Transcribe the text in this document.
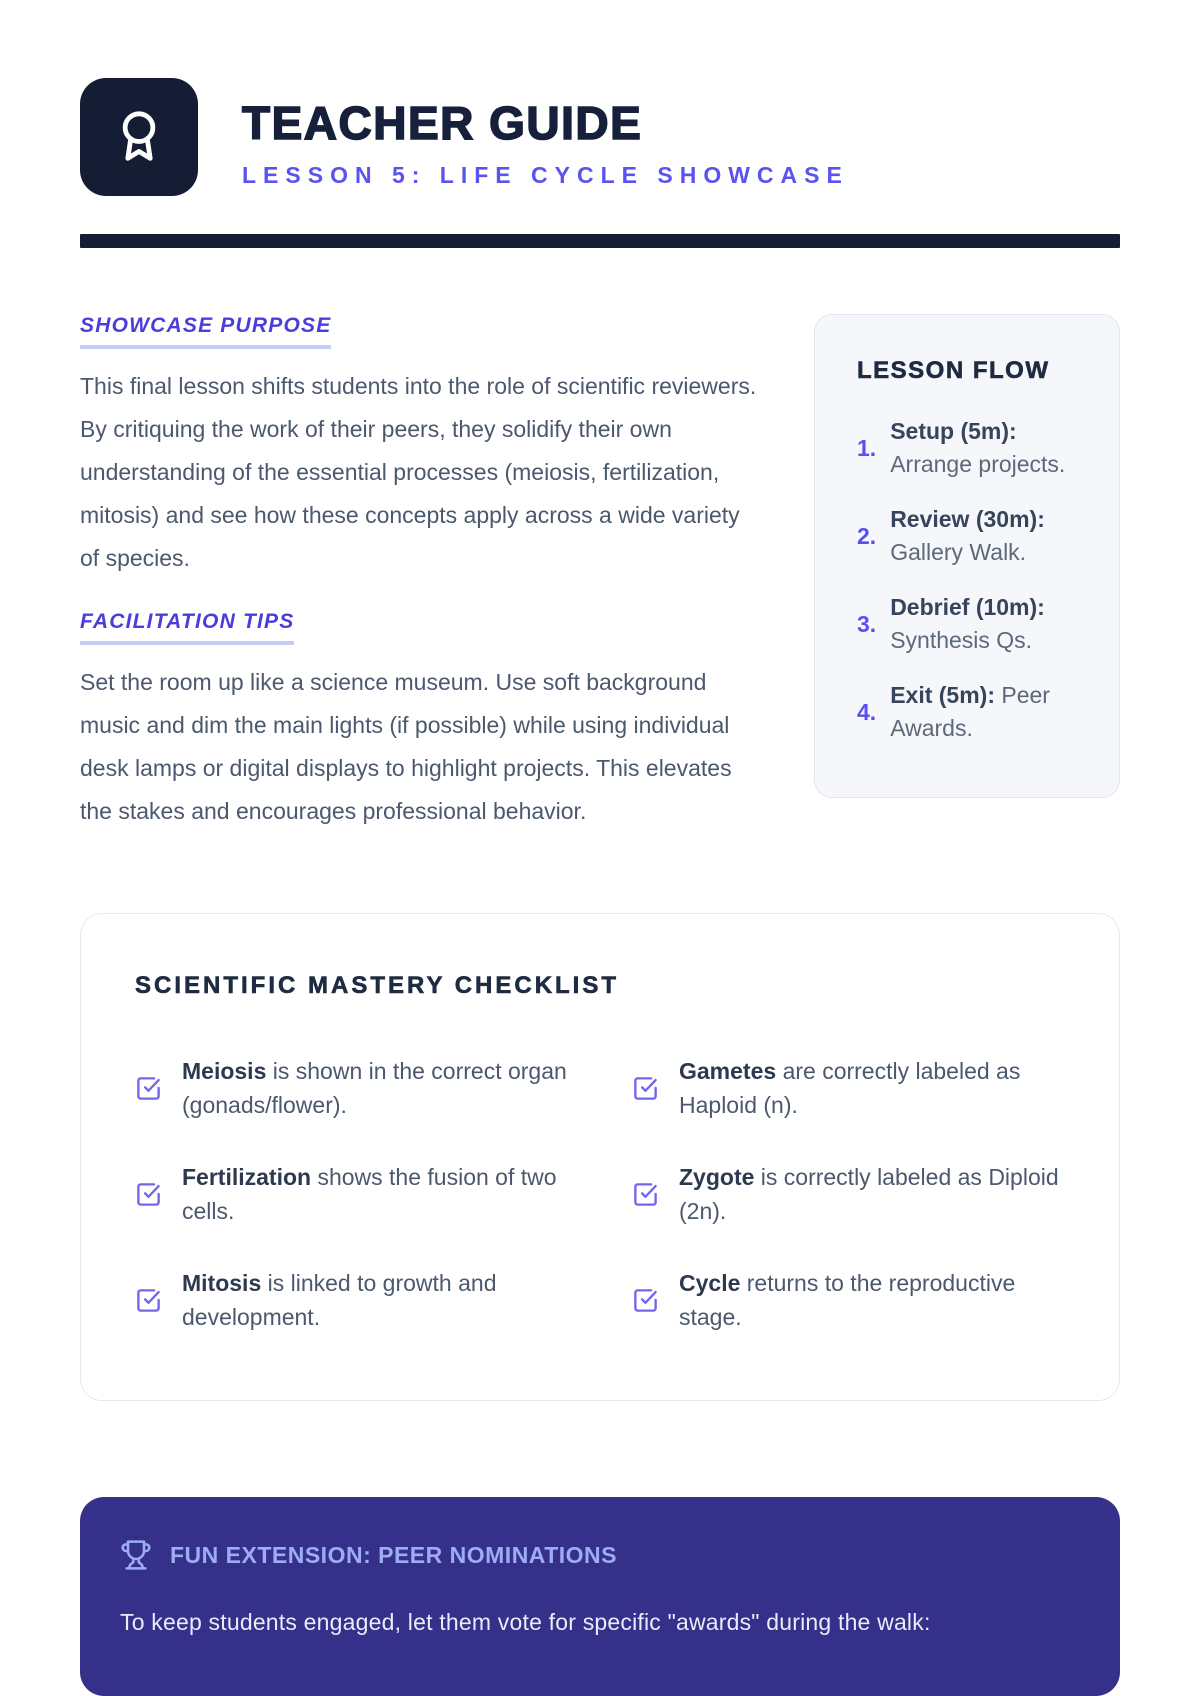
TEACHER GUIDE
LESSON 5: LIFE CYCLE SHOWCASE
SHOWCASE PURPOSE

This final lesson shifts students into the role of scientific reviewers. By critiquing the work of their peers, they solidify their own understanding of the essential processes (meiosis, fertilization, mitosis) and see how these concepts apply across a wide variety of species.

FACILITATION TIPS

Set the room up like a science museum. Use soft background music and dim the main lights (if possible) while using individual desk lamps or digital displays to highlight projects. This elevates the stakes and encourages professional behavior.

LESSON FLOW
1.
Setup (5m): Arrange projects.
2.
Review (30m): Gallery Walk.
3.
Debrief (10m): Synthesis Qs.
4.
Exit (5m): Peer Awards.
SCIENTIFIC MASTERY CHECKLIST
Meiosis is shown in the correct organ (gonads/flower).
Gametes are correctly labeled as Haploid (n).
Fertilization shows the fusion of two cells.
Zygote is correctly labeled as Diploid (2n).
Mitosis is linked to growth and development.
Cycle returns to the reproductive stage.
FUN EXTENSION: PEER NOMINATIONS
To keep students engaged, let them vote for specific "awards" during the walk:
